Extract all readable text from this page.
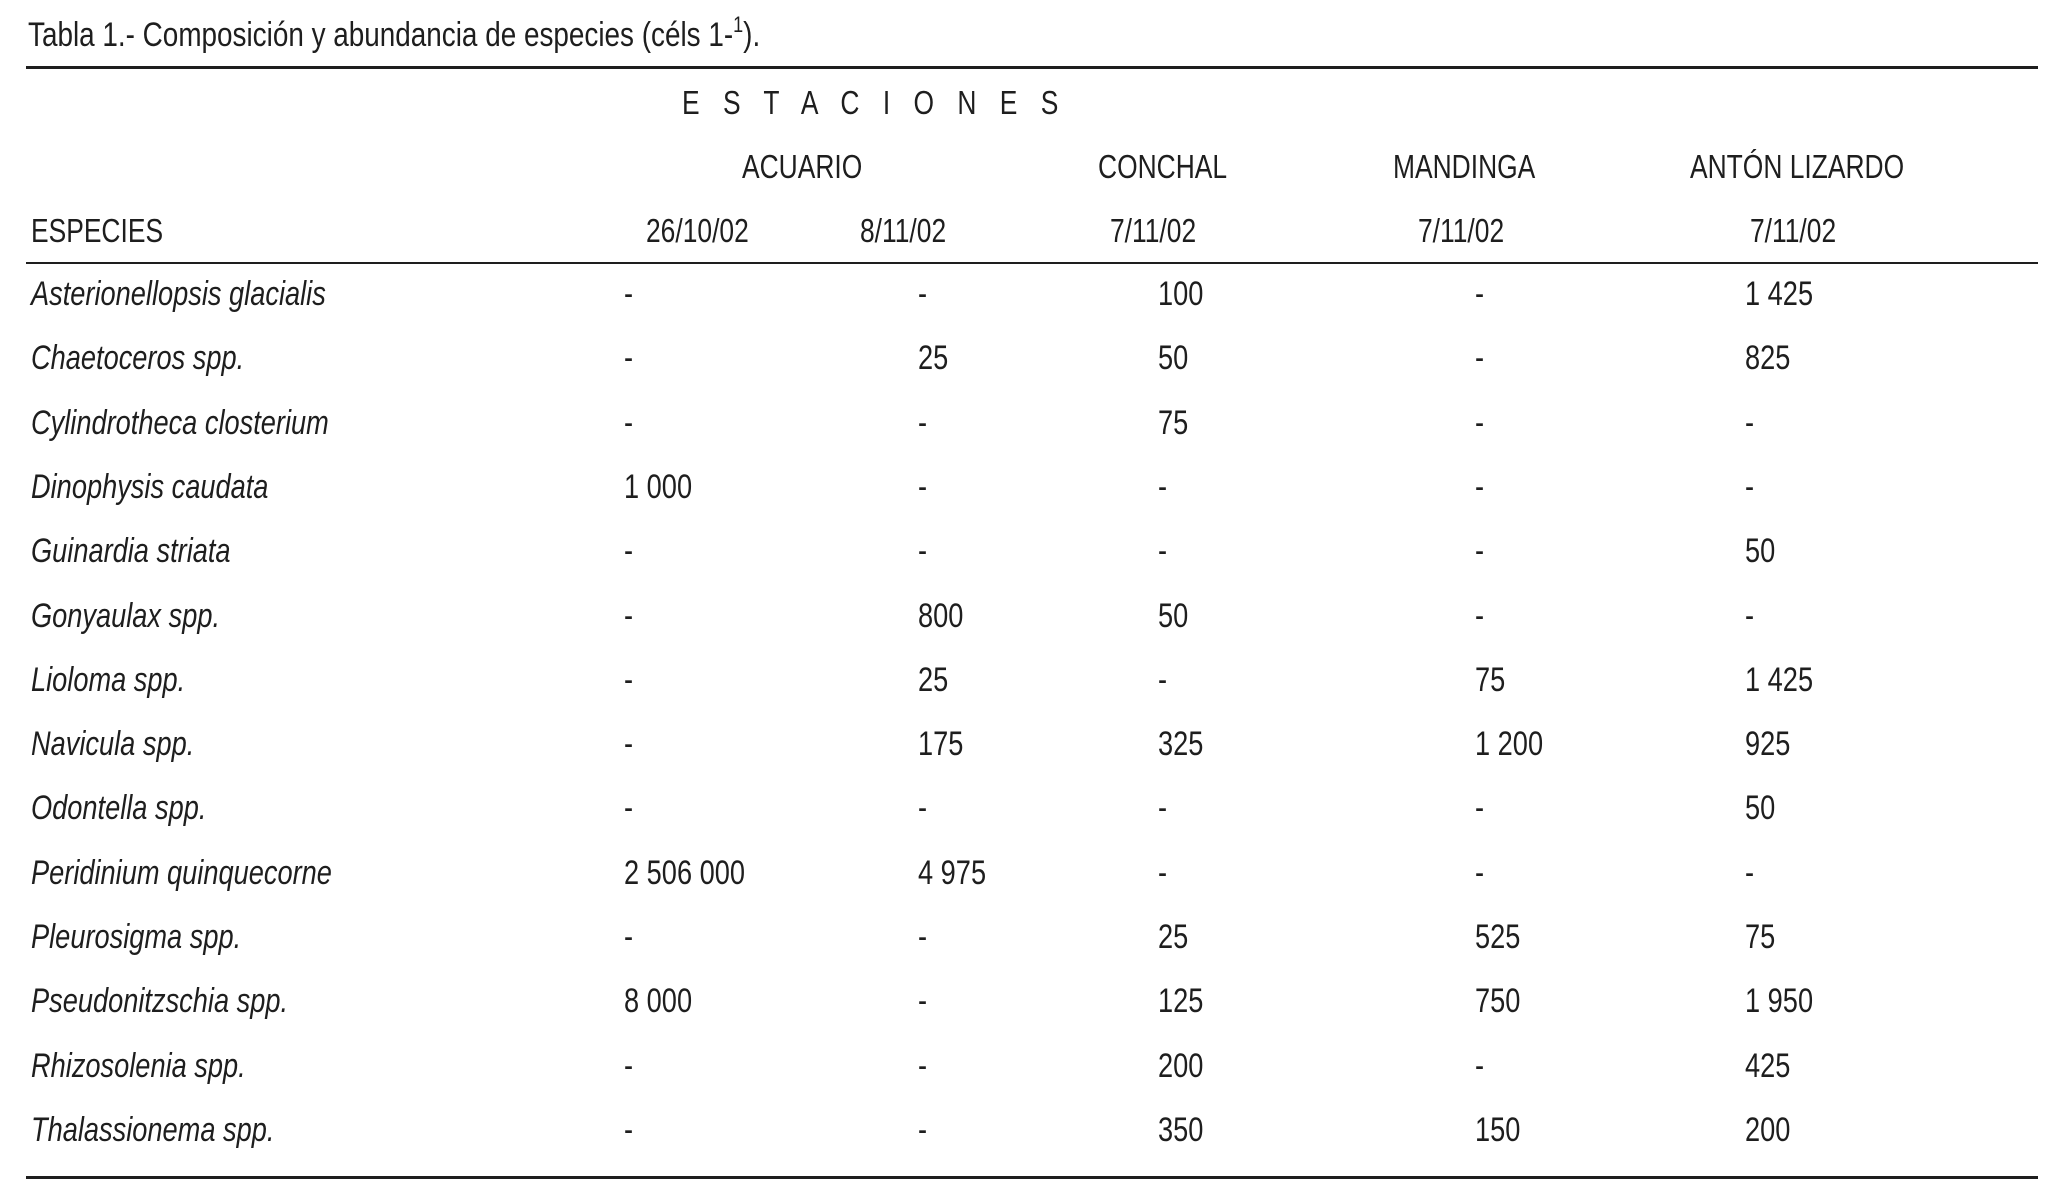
Tabla 1.- Composición y abundancia de especies (céls 1-$^1$).
E S T A C I O N E S
ACUARIO	CONCHAL	MANDINGA	ANTÓN LIZARDO
ESPECIES	26/10/02	8/11/02	7/11/02	7/11/02	7/11/02
Asterionellopsis glacialis	-	-	100	-	1 425
Chaetoceros spp.	-	25	50	-	825
Cylindrotheca closterium	-	-	75	-	-
Dinophysis caudata	1 000	-	-	-	-
Guinardia striata	-	-	-	-	50
Gonyaulax spp.	-	800	50	-	-
Lioloma spp.	-	25	-	75	1 425
Navicula spp.	-	175	325	1 200	925
Odontella spp.	-	-	-	-	50
Peridinium quinquecorne	2 506 000	4 975	-	-	-
Pleurosigma spp.	-	-	25	525	75
Pseudonitzschia spp.	8 000	-	125	750	1 950
Rhizosolenia spp.	-	-	200	-	425
Thalassionema spp.	-	-	350	150	200
